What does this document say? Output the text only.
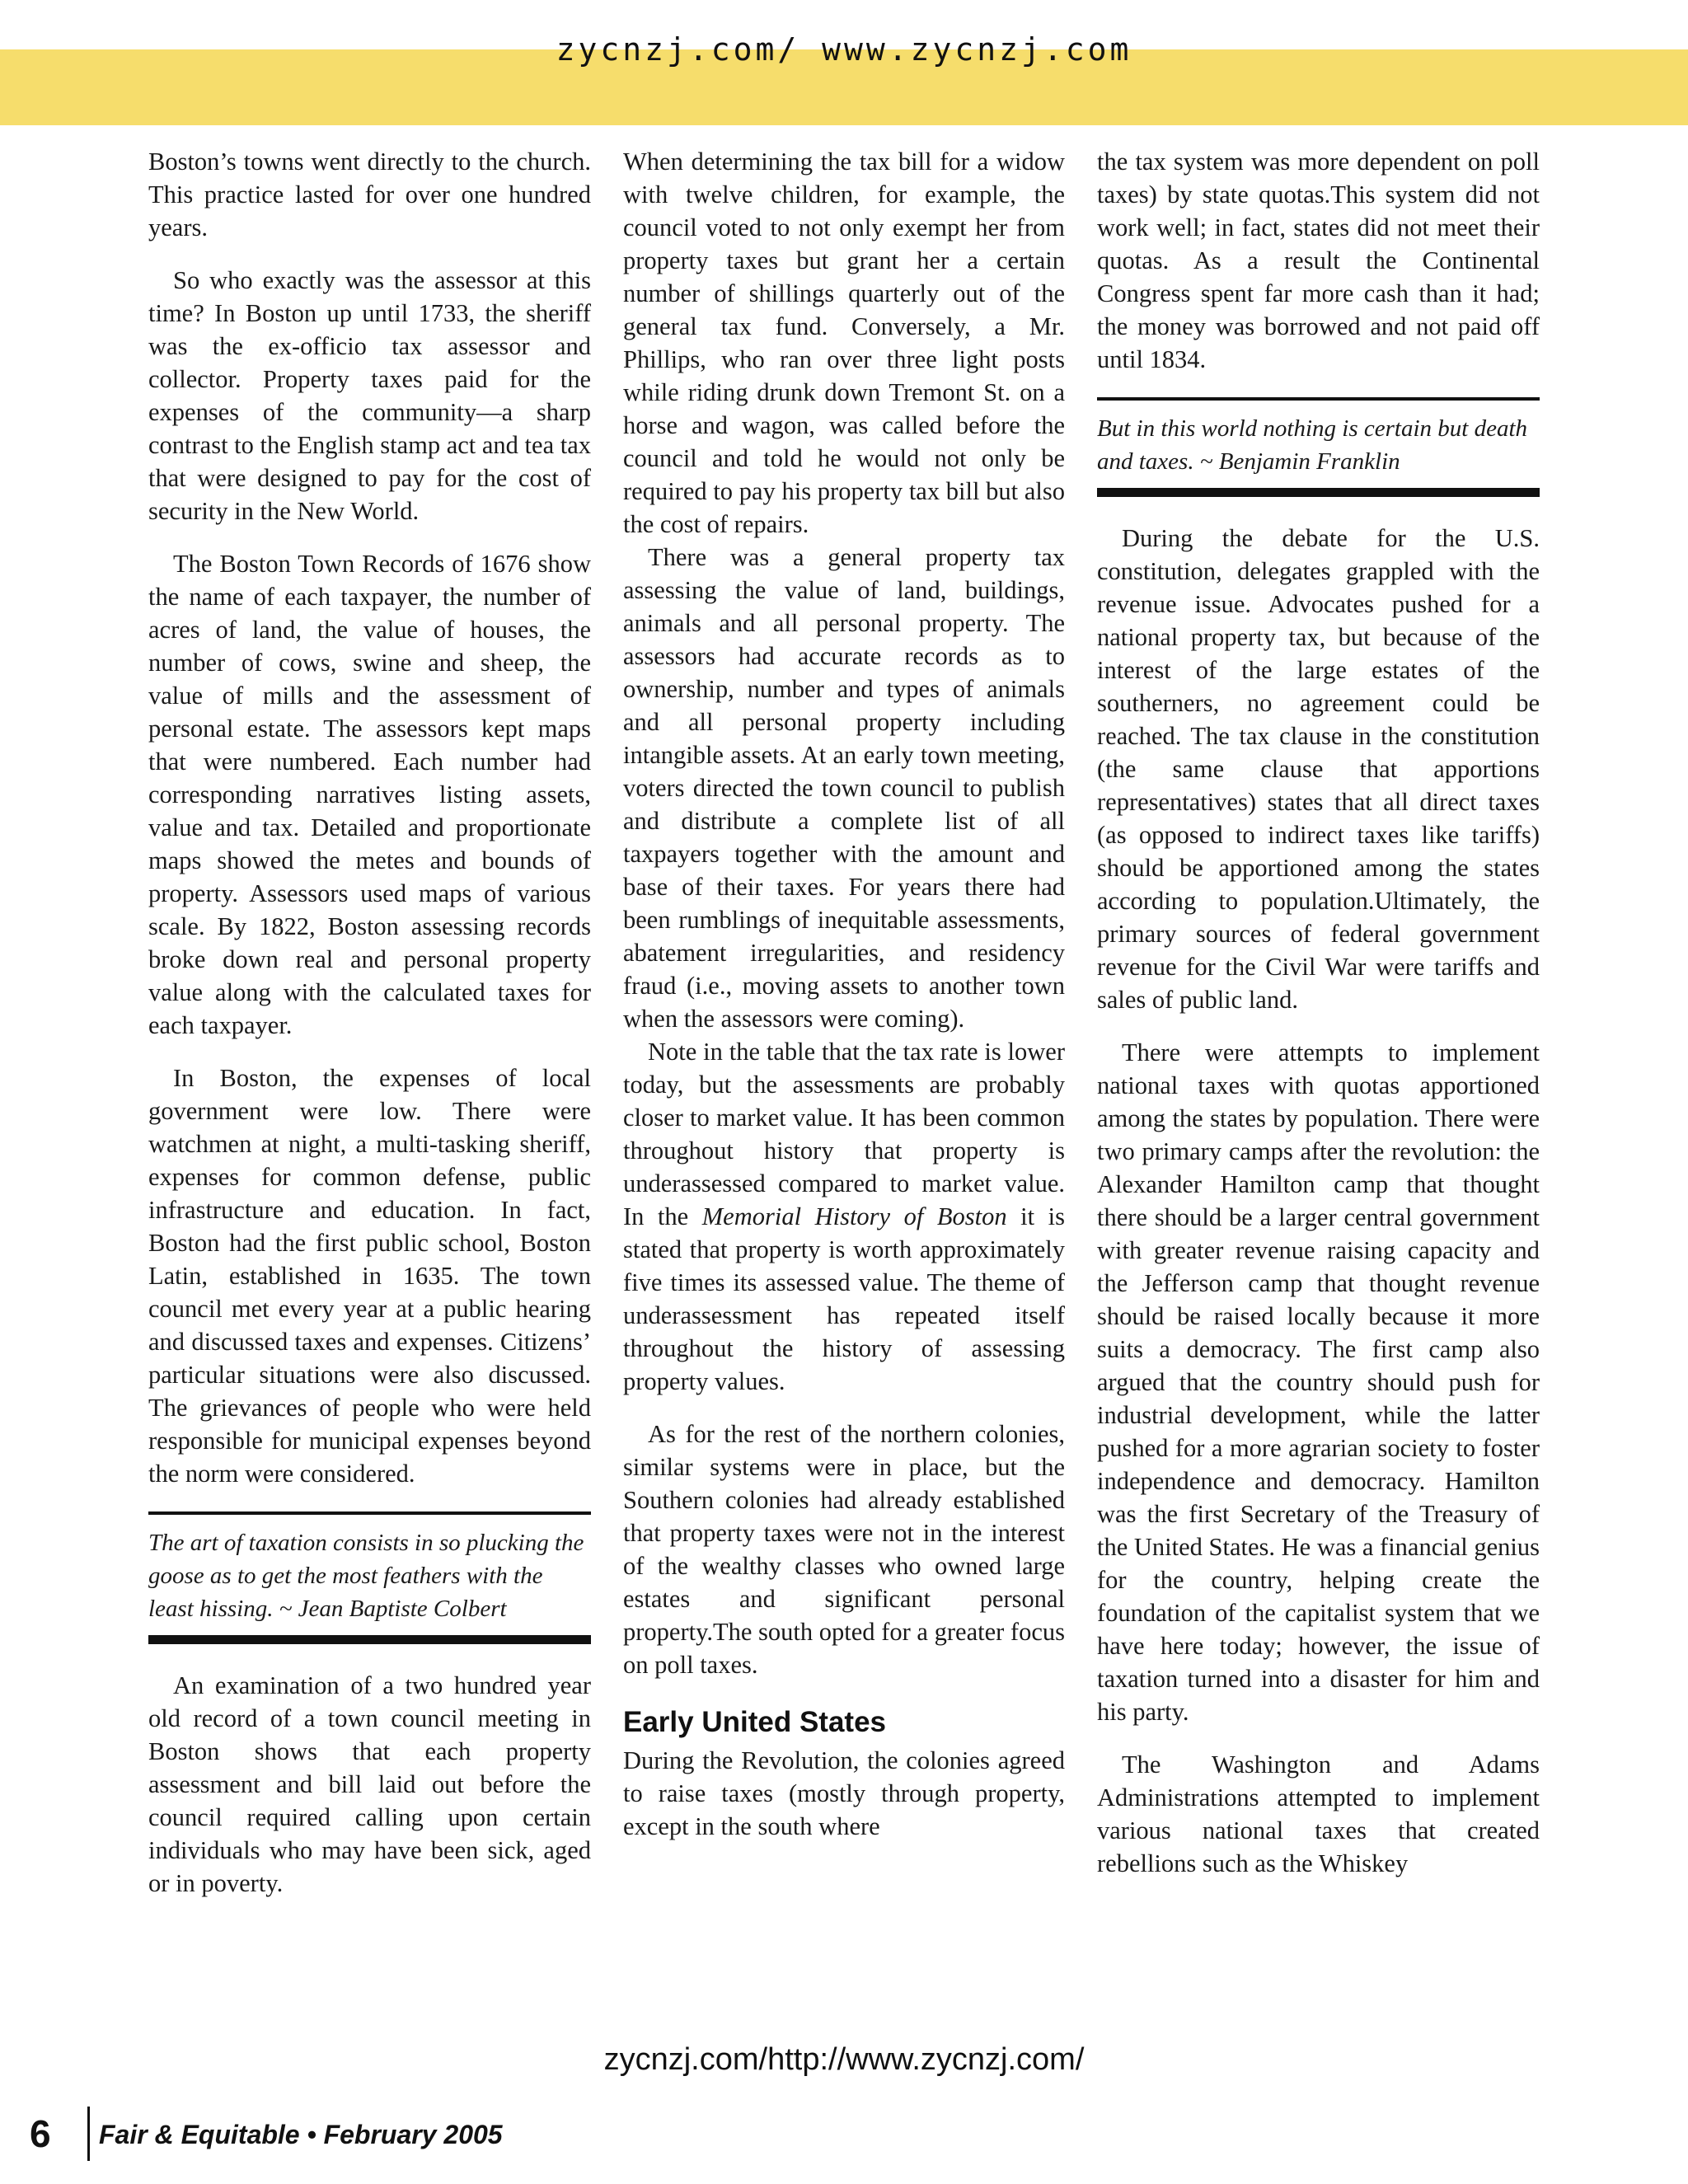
zycnzj.com/ www.zycnzj.com

Boston’s towns went directly to the church. This practice lasted for over one hundred years.

So who exactly was the assessor at this time? In Boston up until 1733, the sheriff was the ex-officio tax assessor and collector. Property taxes paid for the expenses of the community—a sharp contrast to the English stamp act and tea tax that were designed to pay for the cost of security in the New World.

The Boston Town Records of 1676 show the name of each taxpayer, the number of acres of land, the value of houses, the number of cows, swine and sheep, the value of mills and the assessment of personal estate. The assessors kept maps that were numbered. Each number had corresponding narratives listing assets, value and tax. Detailed and proportionate maps showed the metes and bounds of property. Assessors used maps of various scale. By 1822, Boston assessing records broke down real and personal property value along with the calculated taxes for each taxpayer.

In Boston, the expenses of local government were low. There were watchmen at night, a multi-tasking sheriff, expenses for common defense, public infrastructure and education. In fact, Boston had the first public school, Boston Latin, established in 1635. The town council met every year at a public hearing and discussed taxes and expenses. Citizens’ particular situations were also discussed. The grievances of people who were held responsible for municipal expenses beyond the norm were considered.

The art of taxation consists in so plucking the goose as to get the most feathers with the least hissing. ~ Jean Baptiste Colbert

An examination of a two hundred year old record of a town council meeting in Boston shows that each property assessment and bill laid out before the council required calling upon certain individuals who may have been sick, aged or in poverty.

When determining the tax bill for a widow with twelve children, for example, the council voted to not only exempt her from property taxes but grant her a certain number of shillings quarterly out of the general tax fund. Conversely, a Mr. Phillips, who ran over three light posts while riding drunk down Tremont St. on a horse and wagon, was called before the council and told he would not only be required to pay his property tax bill but also the cost of repairs.

There was a general property tax assessing the value of land, buildings, animals and all personal property. The assessors had accurate records as to ownership, number and types of animals and all personal property including intangible assets. At an early town meeting, voters directed the town council to publish and distribute a complete list of all taxpayers together with the amount and base of their taxes. For years there had been rumblings of inequitable assessments, abatement irregularities, and residency fraud (i.e., moving assets to another town when the assessors were coming).

Note in the table that the tax rate is lower today, but the assessments are probably closer to market value. It has been common throughout history that property is underassessed compared to market value. In the Memorial History of Boston it is stated that property is worth approximately five times its assessed value. The theme of underassessment has repeated itself throughout the history of assessing property values.

As for the rest of the northern colonies, similar systems were in place, but the Southern colonies had already established that property taxes were not in the interest of the wealthy classes who owned large estates and significant personal property.The south opted for a greater focus on poll taxes.

Early United States

During the Revolution, the colonies agreed to raise taxes (mostly through property, except in the south where

the tax system was more dependent on poll taxes) by state quotas.This system did not work well; in fact, states did not meet their quotas. As a result the Continental Congress spent far more cash than it had; the money was borrowed and not paid off until 1834.

But in this world nothing is certain but death and taxes. ~ Benjamin Franklin

During the debate for the U.S. constitution, delegates grappled with the revenue issue. Advocates pushed for a national property tax, but because of the interest of the large estates of the southerners, no agreement could be reached. The tax clause in the constitution (the same clause that apportions representatives) states that all direct taxes (as opposed to indirect taxes like tariffs) should be apportioned among the states according to population.Ultimately, the primary sources of federal government revenue for the Civil War were tariffs and sales of public land.

There were attempts to implement national taxes with quotas apportioned among the states by population. There were two primary camps after the revolution: the Alexander Hamilton camp that thought there should be a larger central government with greater revenue raising capacity and the Jefferson camp that thought revenue should be raised locally because it more suits a democracy. The first camp also argued that the country should push for industrial development, while the latter pushed for a more agrarian society to foster independence and democracy. Hamilton was the first Secretary of the Treasury of the United States. He was a financial genius for the country, helping create the foundation of the capitalist system that we have here today; however, the issue of taxation turned into a disaster for him and his party.

The Washington and Adams Administrations attempted to implement various national taxes that created rebellions such as the Whiskey

zycnzj.com/http://www.zycnzj.com/
6 Fair & Equitable • February 2005
